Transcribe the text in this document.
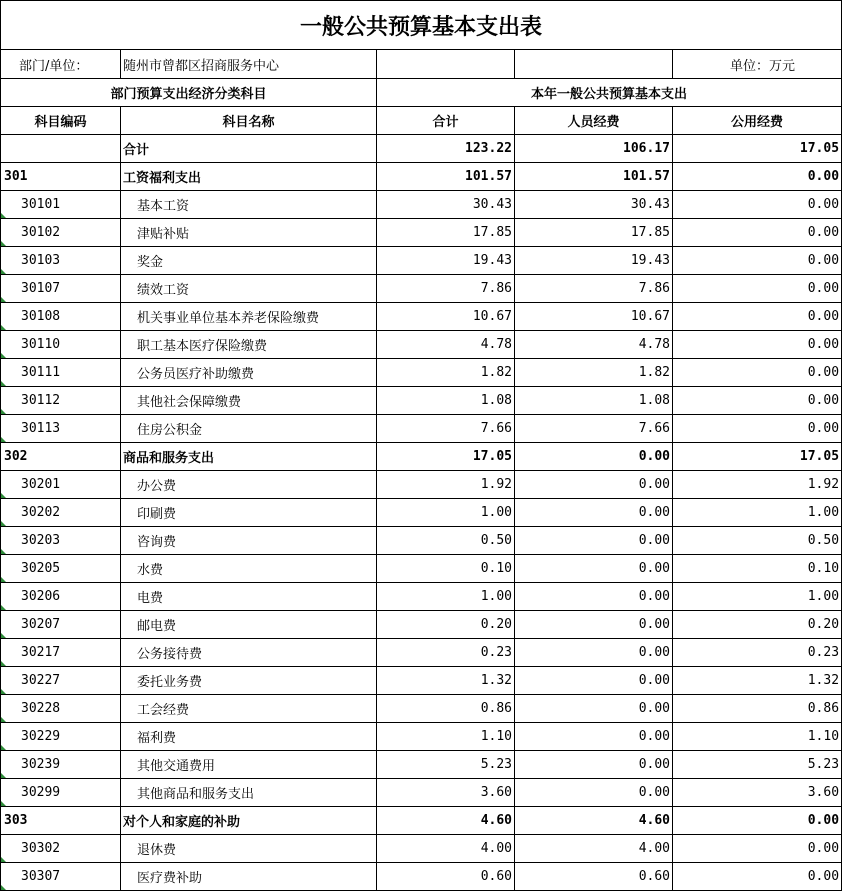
一般公共预算基本支出表				
部门/单位：	随州市曾都区招商服务中心			单位：万元
部门预算支出经济分类科目		本年一般公共预算基本支出		
科目编码	科目名称	合计	人员经费	公用经费
	合计	123.22	106.17	17.05
301	工资福利支出	101.57	101.57	0.00
30101	基本工资	30.43	30.43	0.00
30102	津贴补贴	17.85	17.85	0.00
30103	奖金	19.43	19.43	0.00
30107	绩效工资	7.86	7.86	0.00
30108	机关事业单位基本养老保险缴费	10.67	10.67	0.00
30110	职工基本医疗保险缴费	4.78	4.78	0.00
30111	公务员医疗补助缴费	1.82	1.82	0.00
30112	其他社会保障缴费	1.08	1.08	0.00
30113	住房公积金	7.66	7.66	0.00
302	商品和服务支出	17.05	0.00	17.05
30201	办公费	1.92	0.00	1.92
30202	印刷费	1.00	0.00	1.00
30203	咨询费	0.50	0.00	0.50
30205	水费	0.10	0.00	0.10
30206	电费	1.00	0.00	1.00
30207	邮电费	0.20	0.00	0.20
30217	公务接待费	0.23	0.00	0.23
30227	委托业务费	1.32	0.00	1.32
30228	工会经费	0.86	0.00	0.86
30229	福利费	1.10	0.00	1.10
30239	其他交通费用	5.23	0.00	5.23
30299	其他商品和服务支出	3.60	0.00	3.60
303	对个人和家庭的补助	4.60	4.60	0.00
30302	退休费	4.00	4.00	0.00
30307	医疗费补助	0.60	0.60	0.00
